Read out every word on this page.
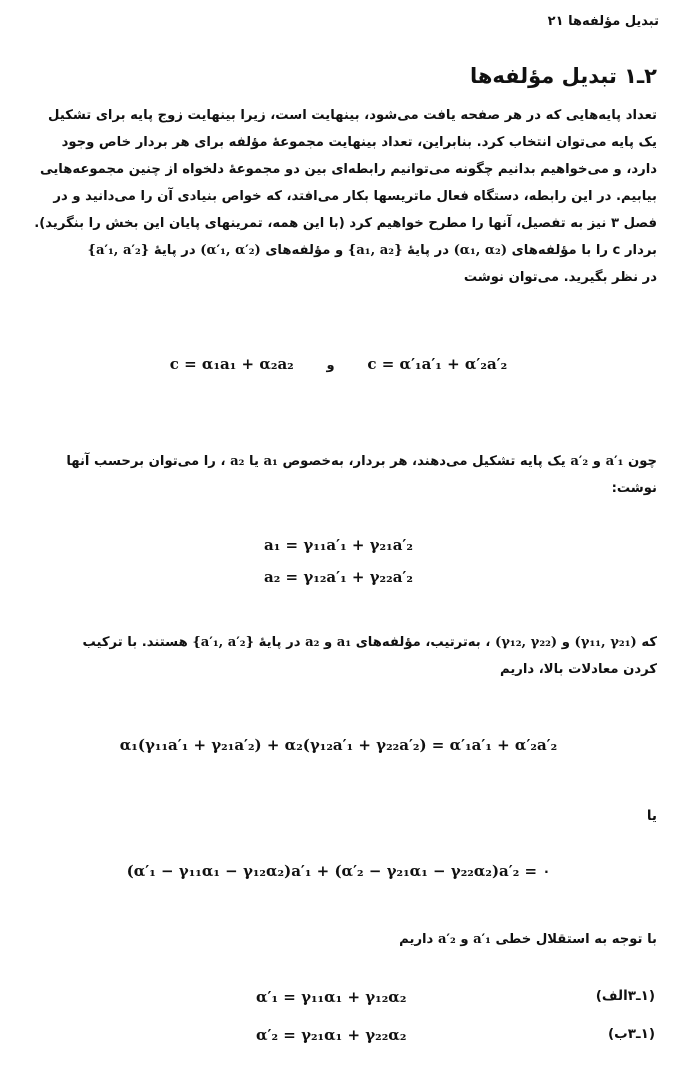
تبدیل مؤلفه‌ها ۲۱
۲ـ۱ تبدیل مؤلفه‌ها
تعداد پایه‌هایی که در هر صفحه یافت می‌شود، بینهایت است، زیرا بینهایت زوج پایه برای تشکیل
یک پایه می‌توان انتخاب کرد. بنابراین، تعداد بینهایت مجموعهٔ مؤلفه برای هر بردار خاص وجود
دارد، و می‌خواهیم بدانیم چگونه می‌توانیم رابطه‌ای بین دو مجموعهٔ دلخواه از چنین مجموعه‌هایی
بیابیم. در این رابطه، دستگاه فعال ماتریسها بکار می‌افتد، که خواص بنیادی آن را می‌دانید و در
فصل ۳ نیز به تفصیل، آنها را مطرح خواهیم کرد (با این همه، تمرینهای پایان این بخش را بنگرید).
بردار c را با مؤلفه‌های (α₁, α₂) در پایهٔ {a₁, a₂} و مؤلفه‌های (α′₁, α′₂) در پایهٔ {a′₁, a′₂}
در نظر بگیرید. می‌توان نوشت
c = α₁a₁ + α₂a₂	و c = α′₁a′₁ + α′₂a′₂
چون a′₁ و a′₂ یک پایه تشکیل می‌دهند، هر بردار، به‌خصوص a₁ یا a₂ ، را می‌توان برحسب آنها
نوشت:
a₁ = γ₁₁a′₁ + γ₂₁a′₂
a₂ = γ₁₂a′₁ + γ₂₂a′₂
که (γ₁₁, γ₂₁) و (γ₁₂, γ₂₂) ، به‌ترتیب، مؤلفه‌های a₁ و a₂ در پایهٔ {a′₁, a′₂} هستند. با ترکیب
کردن معادلات بالا، داریم
α₁(γ₁₁a′₁ + γ₂₁a′₂) + α₂(γ₁₂a′₁ + γ₂₂a′₂) = α′₁a′₁ + α′₂a′₂
یا
(α′₁ − γ₁₁α₁ − γ₁₂α₂)a′₁ + (α′₂ − γ₂₁α₁ − γ₂₂α₂)a′₂ = ۰
با توجه به استقلال خطی a′₁ و a′₂ داریم
α′₁ = γ₁₁α₁ + γ₁₂α₂	(۱ـ۳الف)
α′₂ = γ₂₁α₁ + γ₂₂α₂	(۱ـ۳ب)
